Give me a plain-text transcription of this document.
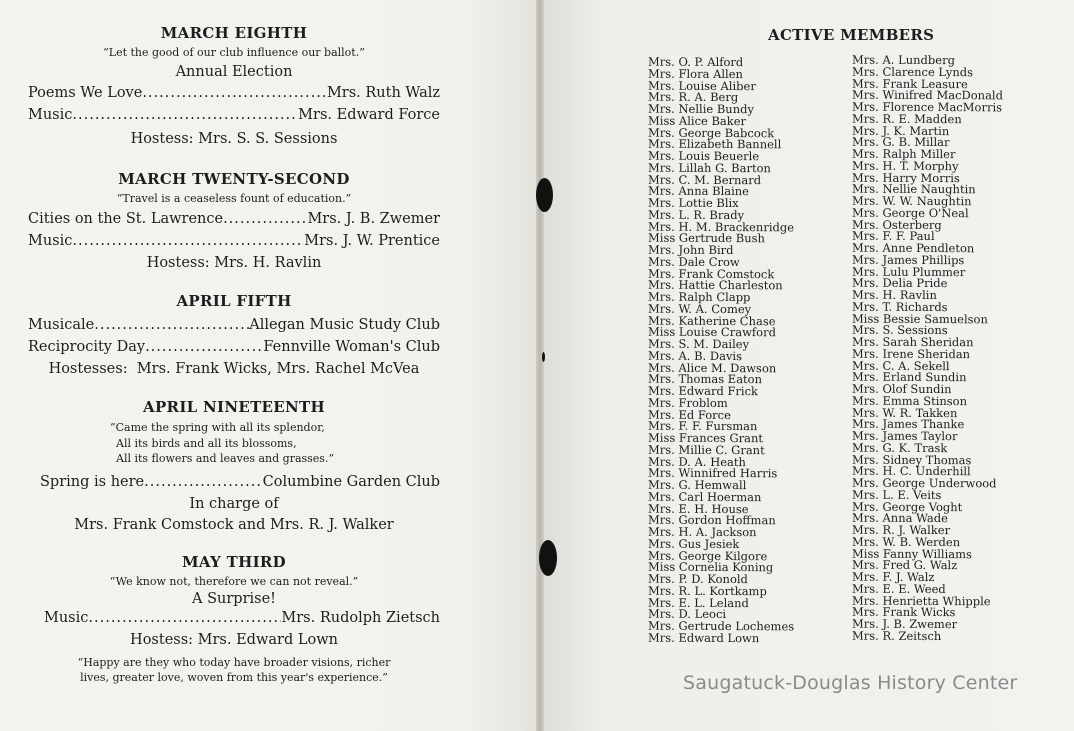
MARCH EIGHTH
“Let the good of our club influence our ballot.”
Annual Election
Poems We Love .....	Mrs. Ruth Walz
Music .....	Mrs. Edward Force
Hostess: Mrs. S. S. Sessions
MARCH TWENTY-SECOND
“Travel is a ceaseless fount of education.”
Cities on the St. Lawrence .....	Mrs. J. B. Zwemer
Music .....	Mrs. J. W. Prentice
Hostess: Mrs. H. Ravlin
APRIL FIFTH
Musicale .....	Allegan Music Study Club
Reciprocity Day .....	Fennville Woman's Club
Hostesses:
Mrs. Frank Wicks, Mrs. Rachel McVea
APRIL NINETEENTH
“Came the spring with all its splendor,
All its birds and all its blossoms,
All its flowers and leaves and grasses.”
Spring is here .....	Columbine Garden Club
In charge of
Mrs. Frank Comstock and Mrs. R. J. Walker
MAY THIRD
“We know not, therefore we can not reveal.”
A Surprise!
Music .....	Mrs. Rudolph Zietsch
Hostess: Mrs. Edward Lown
“Happy are they who today have broader visions, richer
lives, greater love, woven from this year's experience.”
ACTIVE MEMBERS
Mrs. O. P. Alford
Mrs. Flora Allen
Mrs. Louise Aliber
Mrs. R. A. Berg
Mrs. Nellie Bundy
Miss Alice Baker
Mrs. George Babcock
Mrs. Elizabeth Bannell
Mrs. Louis Beuerle
Mrs. Lillah G. Barton
Mrs. C. M. Bernard
Mrs. Anna Blaine
Mrs. Lottie Blix
Mrs. L. R. Brady
Mrs. H. M. Brackenridge
Miss Gertrude Bush
Mrs. John Bird
Mrs. Dale Crow
Mrs. Frank Comstock
Mrs. Hattie Charleston
Mrs. Ralph Clapp
Mrs. W. A. Comey
Mrs. Katherine Chase
Miss Louise Crawford
Mrs. S. M. Dailey
Mrs. A. B. Davis
Mrs. Alice M. Dawson
Mrs. Thomas Eaton
Mrs. Edward Frick
Mrs. Froblom
Mrs. Ed Force
Mrs. F. F. Fursman
Miss Frances Grant
Mrs. Millie C. Grant
Mrs. D. A. Heath
Mrs. Winnifred Harris
Mrs. G. Hemwall
Mrs. Carl Hoerman
Mrs. E. H. House
Mrs. Gordon Hoffman
Mrs. H. A. Jackson
Mrs. Gus Jesiek
Mrs. George Kilgore
Miss Cornelia Koning
Mrs. P. D. Konold
Mrs. R. L. Kortkamp
Mrs. E. L. Leland
Mrs. D. Leoci
Mrs. Gertrude Lochemes
Mrs. Edward Lown
Mrs. A. Lundberg
Mrs. Clarence Lynds
Mrs. Frank Leasure
Mrs. Winifred MacDonald
Mrs. Florence MacMorris
Mrs. R. E. Madden
Mrs. J. K. Martin
Mrs. G. B. Millar
Mrs. Ralph Miller
Mrs. H. T. Morphy
Mrs. Harry Morris
Mrs. Nellie Naughtin
Mrs. W. W. Naughtin
Mrs. George O'Neal
Mrs. Osterberg
Mrs. F. F. Paul
Mrs. Anne Pendleton
Mrs. James Phillips
Mrs. Lulu Plummer
Mrs. Delia Pride
Mrs. H. Ravlin
Mrs. T. Richards
Miss Bessie Samuelson
Mrs. S. Sessions
Mrs. Sarah Sheridan
Mrs. Irene Sheridan
Mrs. C. A. Sekell
Mrs. Erland Sundin
Mrs. Olof Sundin
Mrs. Emma Stinson
Mrs. W. R. Takken
Mrs. James Thanke
Mrs. James Taylor
Mrs. G. K. Trask
Mrs. Sidney Thomas
Mrs. H. C. Underhill
Mrs. George Underwood
Mrs. L. E. Veits
Mrs. George Voght
Mrs. Anna Wade
Mrs. R. J. Walker
Mrs. W. B. Werden
Miss Fanny Williams
Mrs. Fred G. Walz
Mrs. F. J. Walz
Mrs. E. E. Weed
Mrs. Henrietta Whipple
Mrs. Frank Wicks
Mrs. J. B. Zwemer
Mrs. R. Zeitsch
Saugatuck-Douglas History Center
